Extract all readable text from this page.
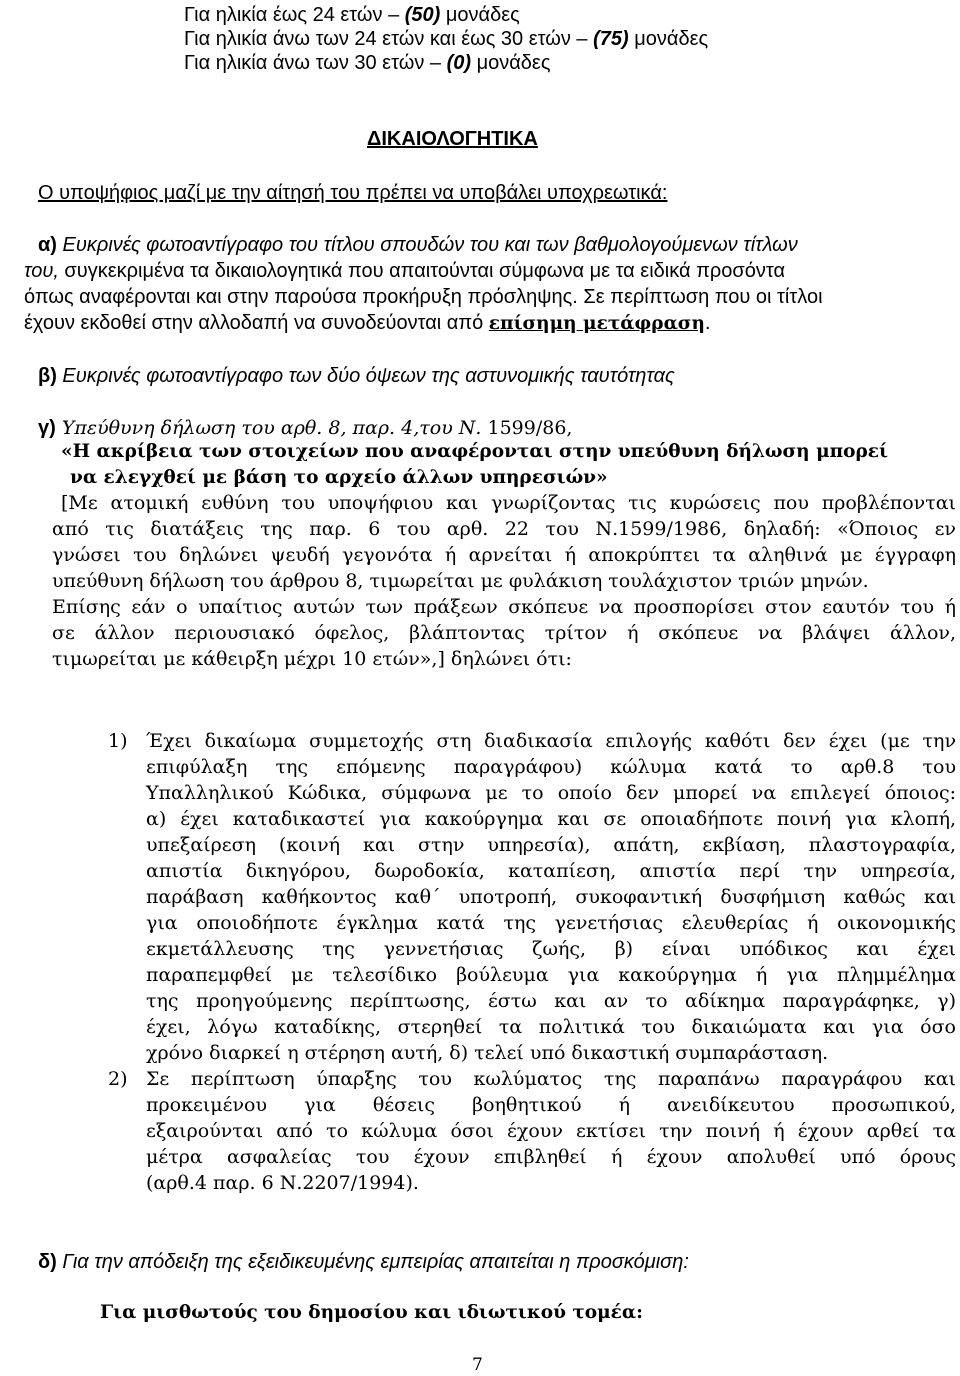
Για ηλικία έως 24 ετών – (50) μονάδες
Για ηλικία άνω των 24 ετών και έως 30 ετών – (75) μονάδες
Για ηλικία άνω των 30 ετών – (0) μονάδες
ΔΙΚΑΙΟΛΟΓΗΤΙΚΑ
Ο υποψήφιος μαζί με την αίτησή του πρέπει να υποβάλει υποχρεωτικά:
α) Ευκρινές φωτοαντίγραφο του τίτλου σπουδών του και των βαθμολογούμενων τίτλων
του, συγκεκριμένα τα δικαιολογητικά που απαιτούνται σύμφωνα με τα ειδικά προσόντα
όπως αναφέρονται και στην παρούσα προκήρυξη πρόσληψης. Σε περίπτωση που οι τίτλοι
έχουν εκδοθεί στην αλλοδαπή να συνοδεύονται από επίσημη μετάφραση.
β) Ευκρινές φωτοαντίγραφο των δύο όψεων της αστυνομικής ταυτότητας
γ) Υπεύθυνη δήλωση του αρθ. 8, παρ. 4,του Ν. 1599/86,
«Η ακρίβεια των στοιχείων που αναφέρονται στην υπεύθυνη δήλωση μπορεί
να ελεγχθεί με βάση το αρχείο άλλων υπηρεσιών»
[Με ατομική ευθύνη του υποψήφιου και γνωρίζοντας τις κυρώσεις που προβλέπονται
από τις διατάξεις της παρ. 6 του αρθ. 22 του Ν.1599/1986, δηλαδή: «Όποιος εν
γνώσει του δηλώνει ψευδή γεγονότα ή αρνείται ή αποκρύπτει τα αληθινά με έγγραφη
υπεύθυνη δήλωση του άρθρου 8, τιμωρείται με φυλάκιση τουλάχιστον τριών μηνών.
Επίσης εάν ο υπαίτιος αυτών των πράξεων σκόπευε να προσπορίσει στον εαυτόν του ή
σε άλλον περιουσιακό όφελος, βλάπτοντας τρίτον ή σκόπευε να βλάψει άλλον,
τιμωρείται με κάθειρξη μέχρι 10 ετών»,] δηλώνει ότι:
1) Έχει δικαίωμα συμμετοχής στη διαδικασία επιλογής καθότι δεν έχει (με την
επιφύλαξη της επόμενης παραγράφου) κώλυμα κατά το αρθ.8 του
Υπαλληλικού Κώδικα, σύμφωνα με το οποίο δεν μπορεί να επιλεγεί όποιος:
α) έχει καταδικαστεί για κακούργημα και σε οποιαδήποτε ποινή για κλοπή,
υπεξαίρεση (κοινή και στην υπηρεσία), απάτη, εκβίαση, πλαστογραφία,
απιστία δικηγόρου, δωροδοκία, καταπίεση, απιστία περί την υπηρεσία,
παράβαση καθήκοντος καθ΄ υποτροπή, συκοφαντική δυσφήμιση καθώς και
για οποιοδήποτε έγκλημα κατά της γενετήσιας ελευθερίας ή οικονομικής
εκμετάλλευσης της γεννετήσιας ζωής, β) είναι υπόδικος και έχει
παραπεμφθεί με τελεσίδικο βούλευμα για κακούργημα ή για πλημμέλημα
της προηγούμενης περίπτωσης, έστω και αν το αδίκημα παραγράφηκε, γ)
έχει, λόγω καταδίκης, στερηθεί τα πολιτικά του δικαιώματα και για όσο
χρόνο διαρκεί η στέρηση αυτή, δ) τελεί υπό δικαστική συμπαράσταση.
2) Σε περίπτωση ύπαρξης του κωλύματος της παραπάνω παραγράφου και
προκειμένου για θέσεις βοηθητικού ή ανειδίκευτου προσωπικού,
εξαιρούνται από το κώλυμα όσοι έχουν εκτίσει την ποινή ή έχουν αρθεί τα
μέτρα ασφαλείας του έχουν επιβληθεί ή έχουν απολυθεί υπό όρους
(αρθ.4 παρ. 6 Ν.2207/1994).
δ) Για την απόδειξη της εξειδικευμένης εμπειρίας απαιτείται η προσκόμιση:
Για μισθωτούς του δημοσίου και ιδιωτικού τομέα:
7
